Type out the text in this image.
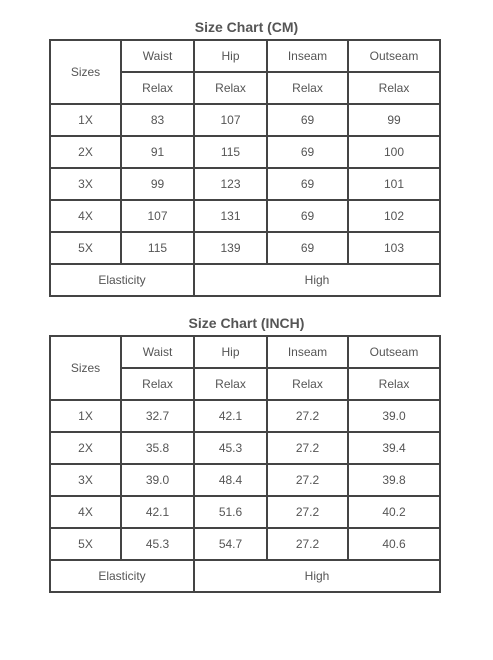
Size Chart (CM)
Sizes	Waist	Hip	Inseam	Outseam
	Relax	Relax	Relax	Relax
1X	83	107	69	99
2X	91	115	69	100
3X	99	123	69	101
4X	107	131	69	102
5X	115	139	69	103
Elasticity		High		
Size Chart (INCH)
Sizes	Waist	Hip	Inseam	Outseam
	Relax	Relax	Relax	Relax
1X	32.7	42.1	27.2	39.0
2X	35.8	45.3	27.2	39.4
3X	39.0	48.4	27.2	39.8
4X	42.1	51.6	27.2	40.2
5X	45.3	54.7	27.2	40.6
Elasticity		High		
